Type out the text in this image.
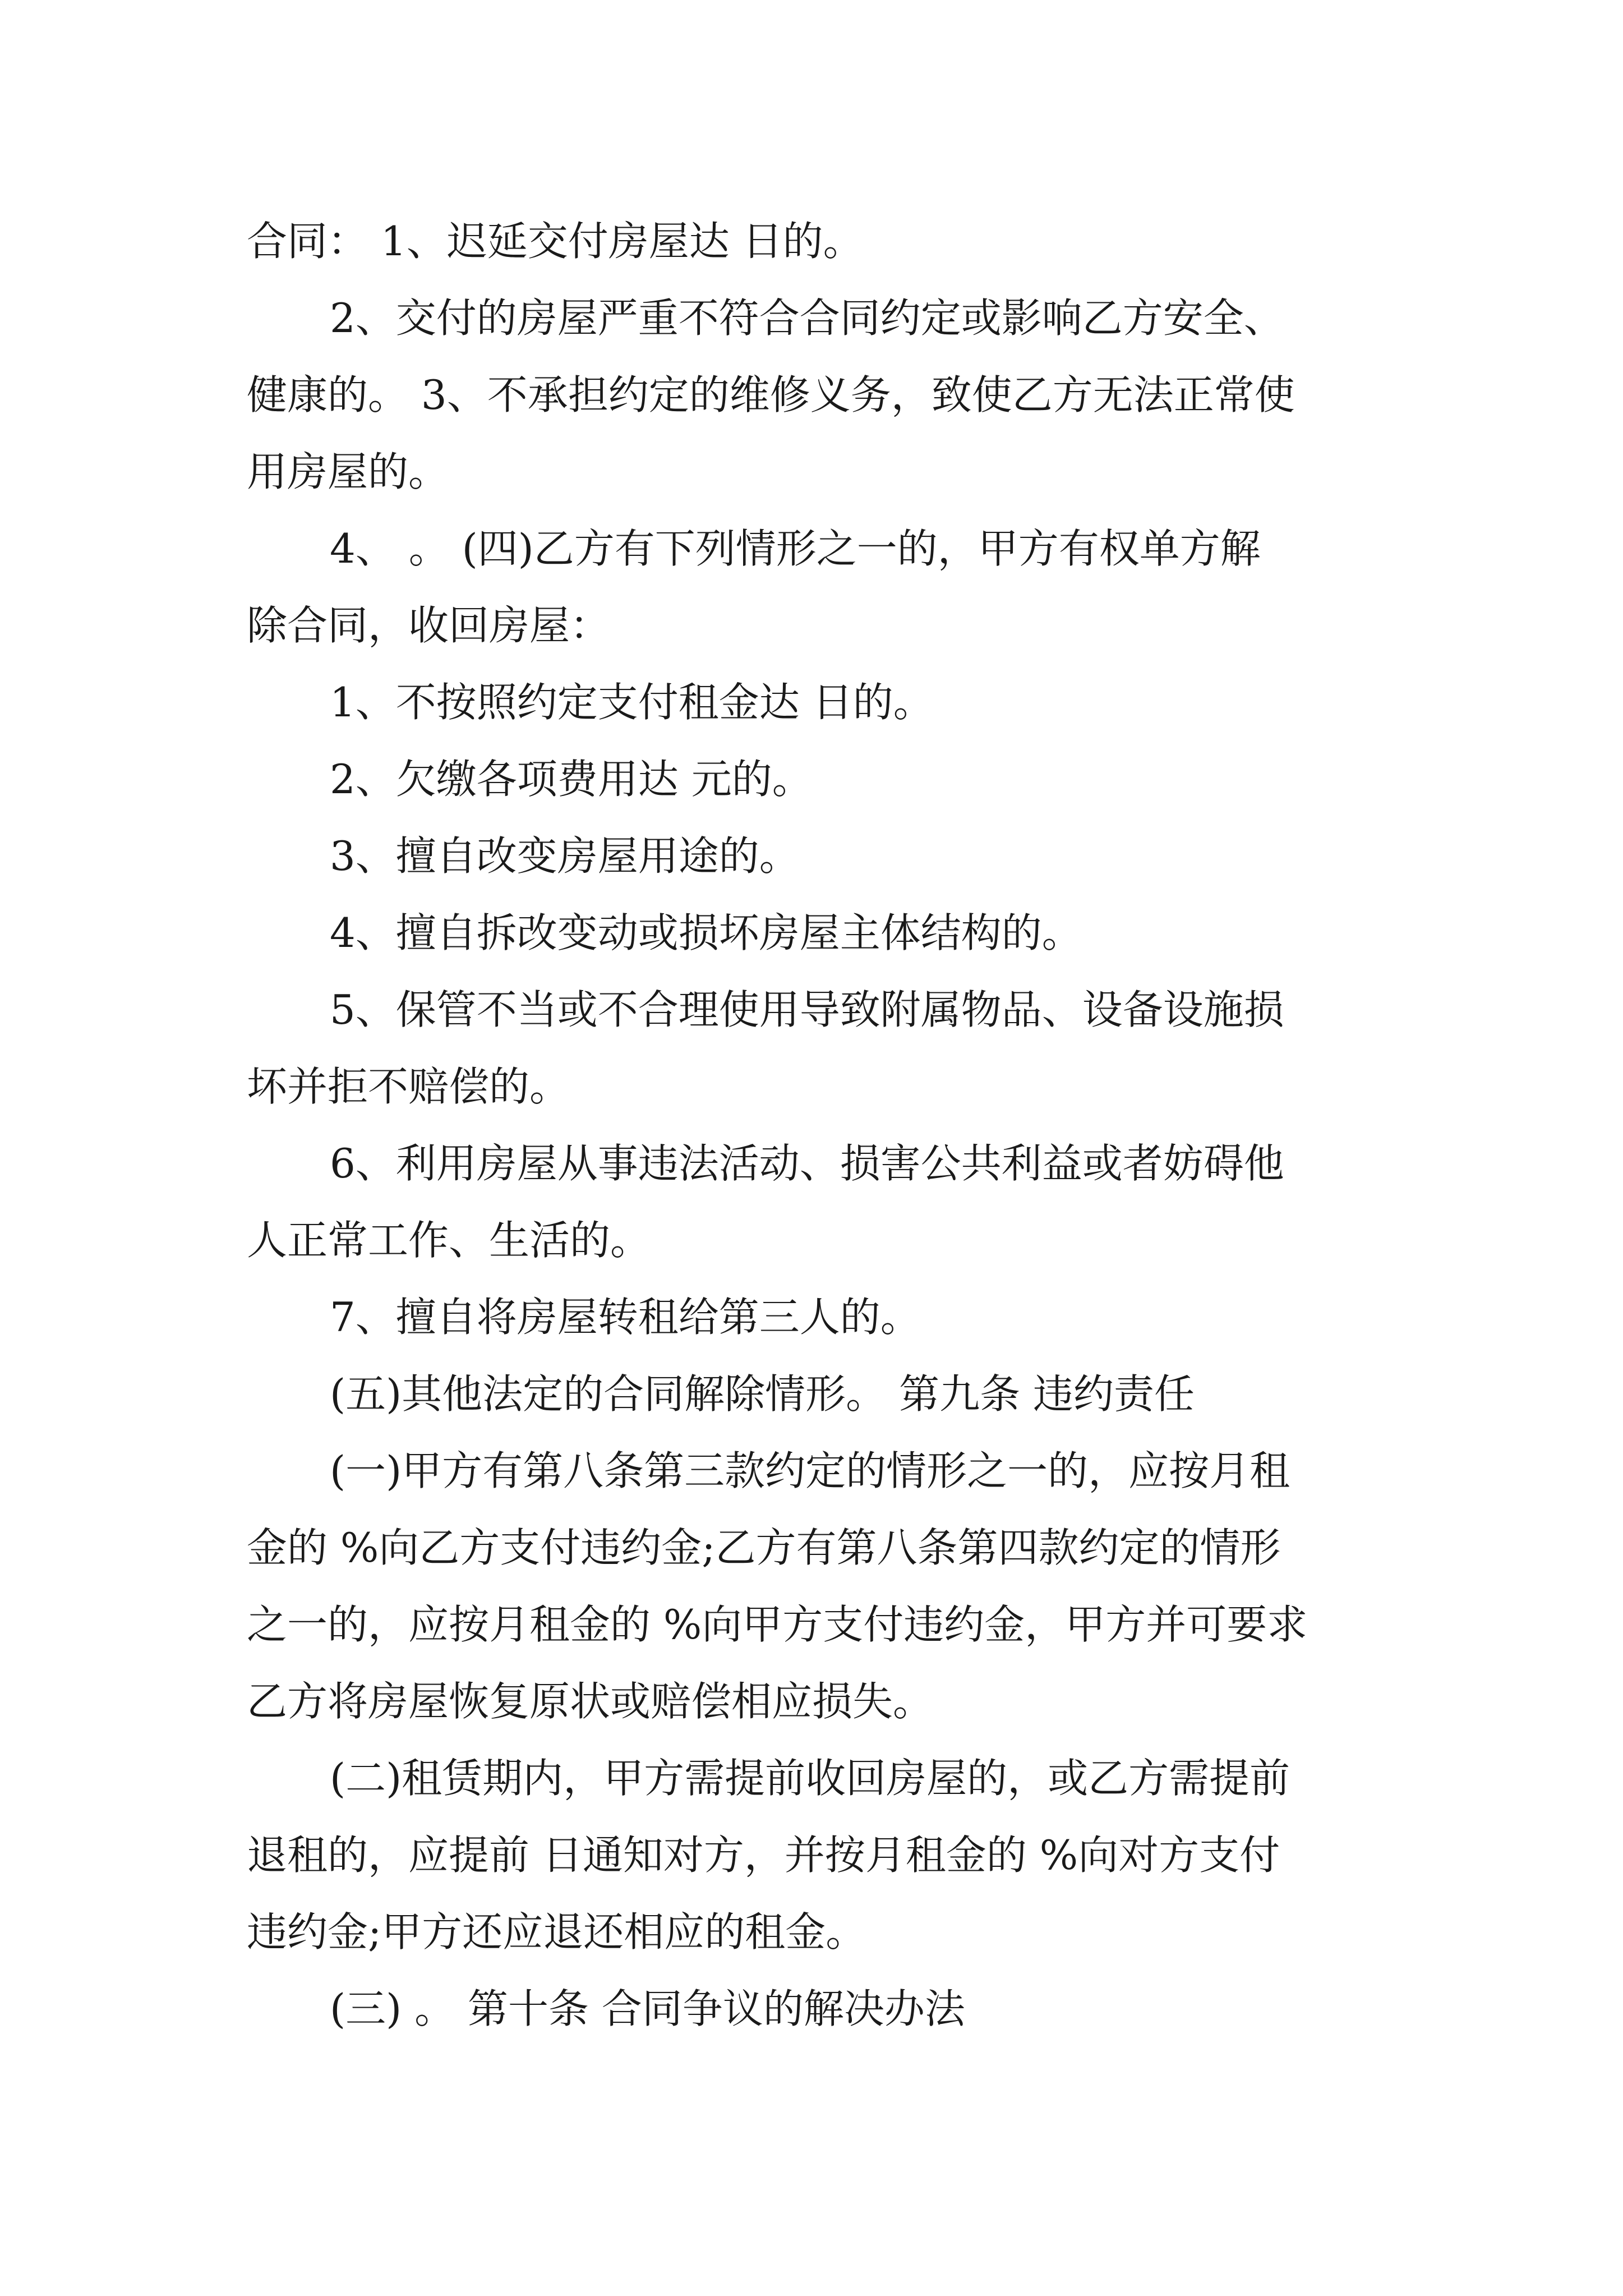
合同： 1、迟延交付房屋达 日的。
2、交付的房屋严重不符合合同约定或影响乙方安全、
健康的。 3、不承担约定的维修义务，致使乙方无法正常使
用房屋的。
4、 。 (四)乙方有下列情形之一的，甲方有权单方解
除合同，收回房屋：
1、不按照约定支付租金达 日的。
2、欠缴各项费用达 元的。
3、擅自改变房屋用途的。
4、擅自拆改变动或损坏房屋主体结构的。
5、保管不当或不合理使用导致附属物品、设备设施损
坏并拒不赔偿的。
6、利用房屋从事违法活动、损害公共利益或者妨碍他
人正常工作、生活的。
7、擅自将房屋转租给第三人的。
(五)其他法定的合同解除情形。 第九条 违约责任
(一)甲方有第八条第三款约定的情形之一的，应按月租
金的 %向乙方支付违约金;乙方有第八条第四款约定的情形
之一的，应按月租金的 %向甲方支付违约金，甲方并可要求
乙方将房屋恢复原状或赔偿相应损失。
(二)租赁期内，甲方需提前收回房屋的，或乙方需提前
退租的，应提前 日通知对方，并按月租金的 %向对方支付
违约金;甲方还应退还相应的租金。
(三) 。 第十条 合同争议的解决办法
